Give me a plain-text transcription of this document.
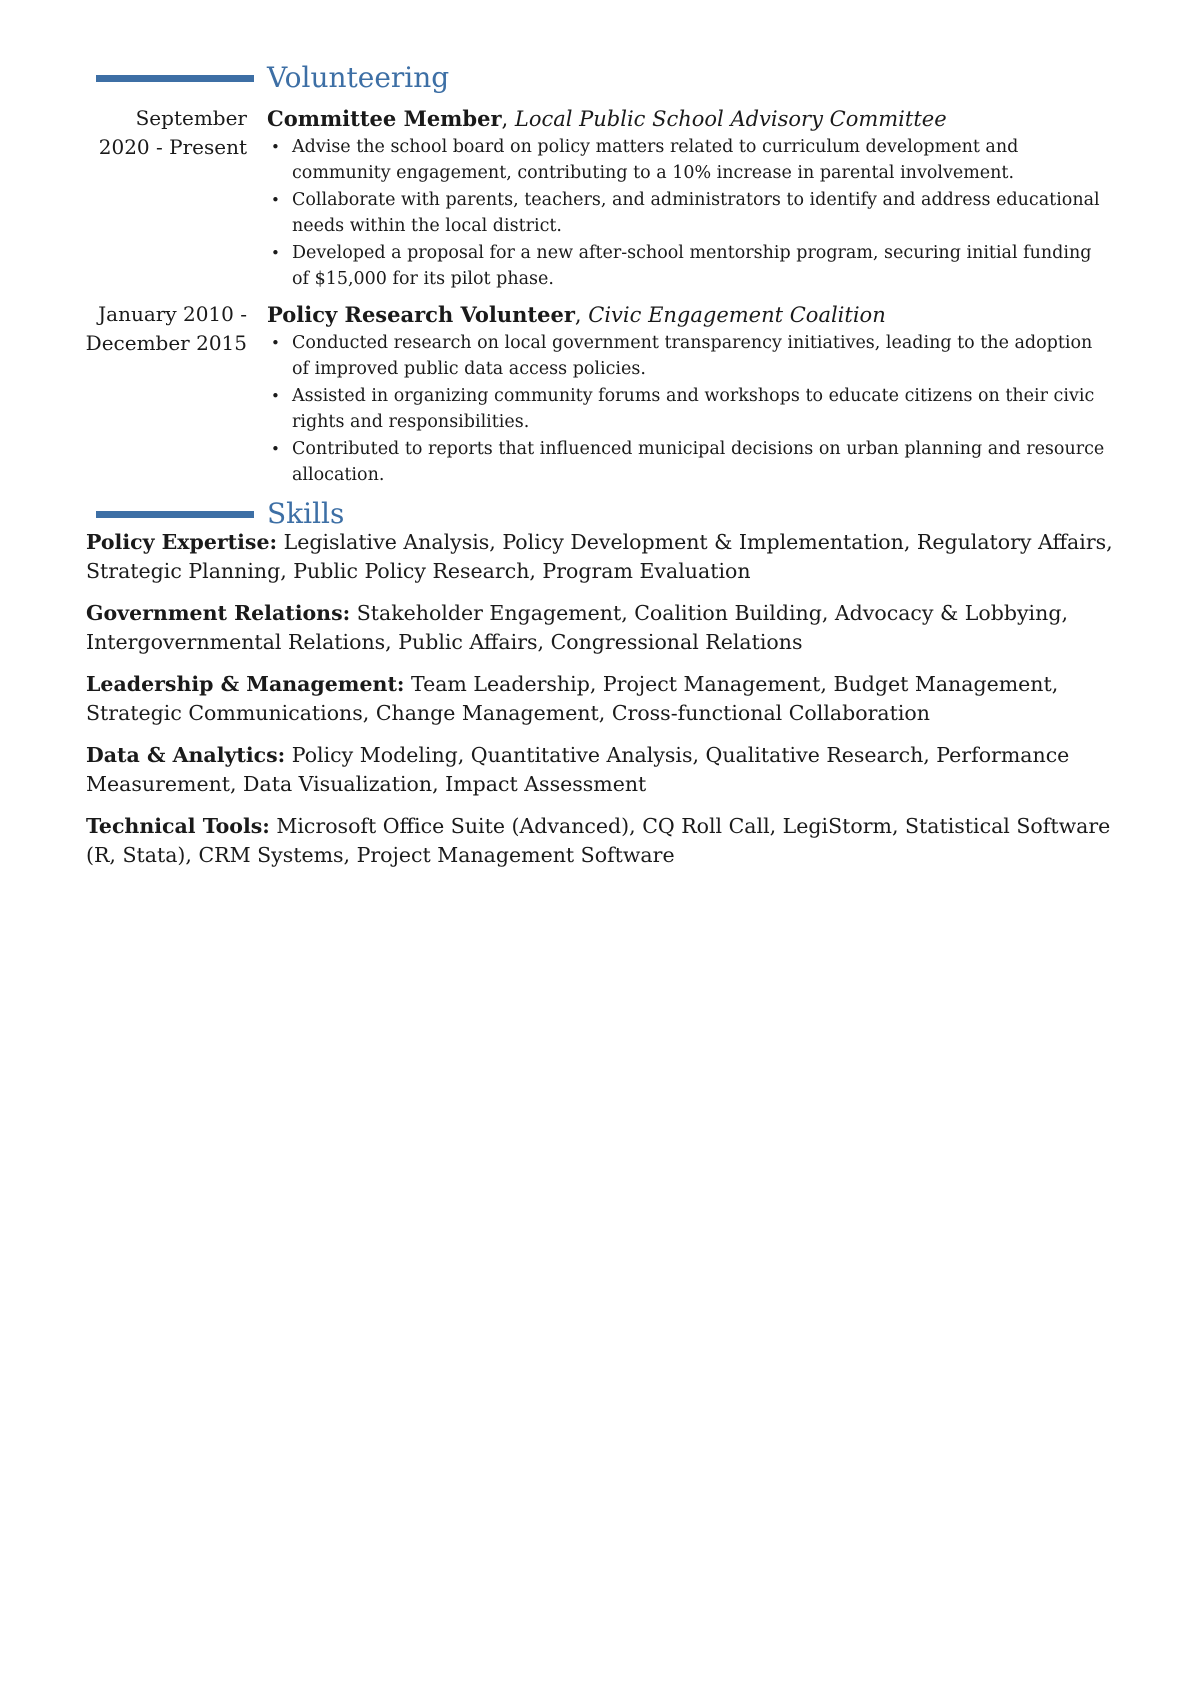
Volunteering
September
2020 - Present
Committee Member, Local Public School Advisory Committee
• Advise the school board on policy matters related to curriculum development and community engagement, contributing to a 10% increase in parental involvement.
• Collaborate with parents, teachers, and administrators to identify and address educational needs within the local district.
• Developed a proposal for a new after-school mentorship program, securing initial funding of $15,000 for its pilot phase.
January 2010 -
December 2015
Policy Research Volunteer, Civic Engagement Coalition
• Conducted research on local government transparency initiatives, leading to the adoption of improved public data access policies.
• Assisted in organizing community forums and workshops to educate citizens on their civic rights and responsibilities.
• Contributed to reports that influenced municipal decisions on urban planning and resource allocation.
Skills
Policy Expertise: Legislative Analysis, Policy Development & Implementation, Regulatory Affairs, Strategic Planning, Public Policy Research, Program Evaluation
Government Relations: Stakeholder Engagement, Coalition Building, Advocacy & Lobbying, Intergovernmental Relations, Public Affairs, Congressional Relations
Leadership & Management: Team Leadership, Project Management, Budget Management, Strategic Communications, Change Management, Cross-functional Collaboration
Data & Analytics: Policy Modeling, Quantitative Analysis, Qualitative Research, Performance Measurement, Data Visualization, Impact Assessment
Technical Tools: Microsoft Office Suite (Advanced), CQ Roll Call, LegiStorm, Statistical Software (R, Stata), CRM Systems, Project Management Software
